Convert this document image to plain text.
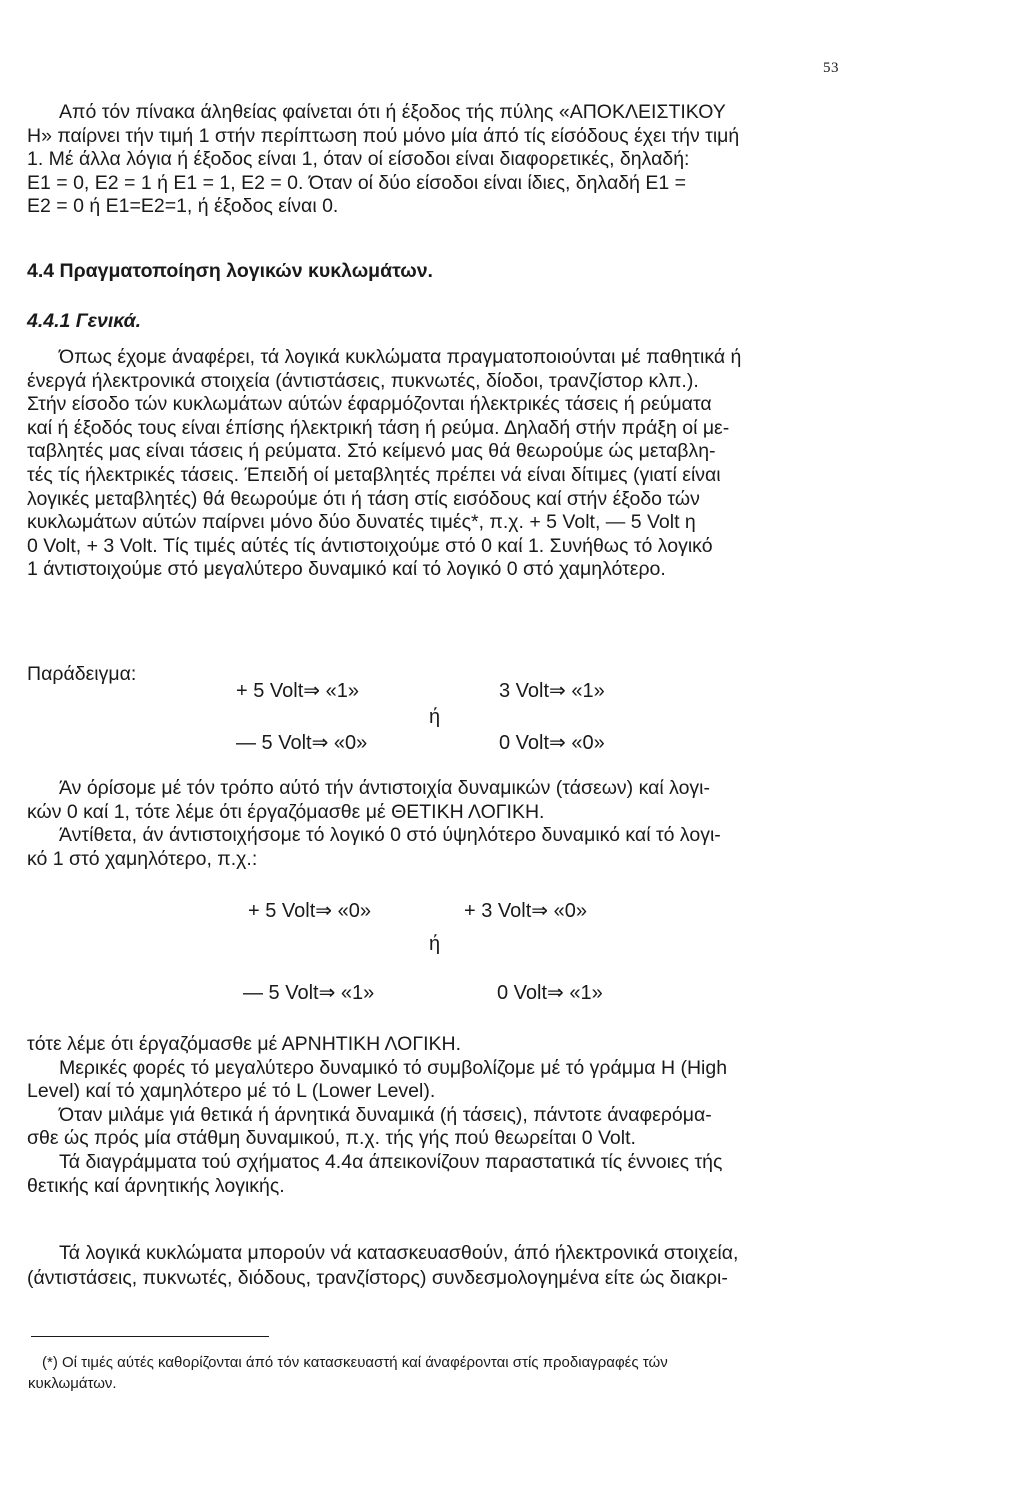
53

Από τόν πίνακα άληθείας φαίνεται ότι ή έξοδος τής πύλης «ΑΠΟΚΛΕΙΣΤΙΚΟΥ

Η» παίρνει τήν τιμή 1 στήν περίπτωση πού μόνο μία άπό τίς είσόδους έχει τήν τιμή

1. Μέ άλλα λόγια ή έξοδος είναι 1, όταν οί είσοδοι είναι διαφορετικές, δηλαδή:

E1 = 0, E2 = 1 ή E1 = 1, E2 = 0. Όταν οί δύο είσοδοι είναι ίδιες, δηλαδή E1 =

E2 = 0 ή E1=E2=1, ή έξοδος είναι 0.

4.4 Πραγματοποίηση λογικών κυκλωμάτων.
4.4.1 Γενικά.

Όπως έχομε άναφέρει, τά λογικά κυκλώματα πραγματοποιούνται μέ παθητικά ή

ένεργά ήλεκτρονικά στοιχεία (άντιστάσεις, πυκνωτές, δίοδοι, τρανζίστορ κλπ.).

Στήν είσοδο τών κυκλωμάτων αύτών έφαρμόζονται ήλεκτρικές τάσεις ή ρεύματα

καί ή έξοδός τους είναι έπίσης ήλεκτρική τάση ή ρεύμα. Δηλαδή στήν πράξη οί με-

ταβλητές μας είναι τάσεις ή ρεύματα. Στό κείμενό μας θά θεωρούμε ώς μεταβλη-

τές τίς ήλεκτρικές τάσεις. Έπειδή οί μεταβλητές πρέπει νά είναι δίτιμες (γιατί είναι

λογικές μεταβλητές) θά θεωρούμε ότι ή τάση στίς εισόδους καί στήν έξοδο τών

κυκλωμάτων αύτών παίρνει μόνο δύο δυνατές τιμές*, π.χ. + 5 Volt, — 5 Volt η

0 Volt, + 3 Volt. Τίς τιμές αύτές τίς άντιστοιχούμε στό 0 καί 1. Συνήθως τό λογικό

1 άντιστοιχούμε στό μεγαλύτερο δυναμικό καί τό λογικό 0 στό χαμηλότερο.

Παράδειγμα:
+ 5 Volt⇒ «1»	3 Volt⇒ «1»
ή
— 5 Volt⇒ «0»	0 Volt⇒ «0»

Άν όρίσομε μέ τόν τρόπο αύτό τήν άντιστοιχία δυναμικών (τάσεων) καί λογι-

κών 0 καί 1, τότε λέμε ότι έργαζόμασθε μέ ΘΕΤΙΚΗ ΛΟΓΙΚΗ.

Άντίθετα, άν άντιστοιχήσομε τό λογικό 0 στό ύψηλότερο δυναμικό καί τό λογι-

κό 1 στό χαμηλότερο, π.χ.:

+ 5 Volt⇒ «0»	+ 3 Volt⇒ «0»
ή
— 5 Volt⇒ «1»	0 Volt⇒ «1»

τότε λέμε ότι έργαζόμασθε μέ ΑΡΝΗΤΙΚΗ ΛΟΓΙΚΗ.

Μερικές φορές τό μεγαλύτερο δυναμικό τό συμβολίζομε μέ τό γράμμα H (High

Level) καί τό χαμηλότερο μέ τό L (Lower Level).

Όταν μιλάμε γιά θετικά ή άρνητικά δυναμικά (ή τάσεις), πάντοτε άναφερόμα-

σθε ώς πρός μία στάθμη δυναμικού, π.χ. τής γής πού θεωρείται 0 Volt.

Τά διαγράμματα τού σχήματος 4.4α άπεικονίζουν παραστατικά τίς έννοιες τής

θετικής καί άρνητικής λογικής.

Τά λογικά κυκλώματα μπορούν νά κατασκευασθούν, άπό ήλεκτρονικά στοιχεία,

(άντιστάσεις, πυκνωτές, διόδους, τρανζίστορς) συνδεσμολογημένα είτε ώς διακρι-

(*) Οί τιμές αύτές καθορίζονται άπό τόν κατασκευαστή καί άναφέρονται στίς προδιαγραφές τών

κυκλωμάτων.
